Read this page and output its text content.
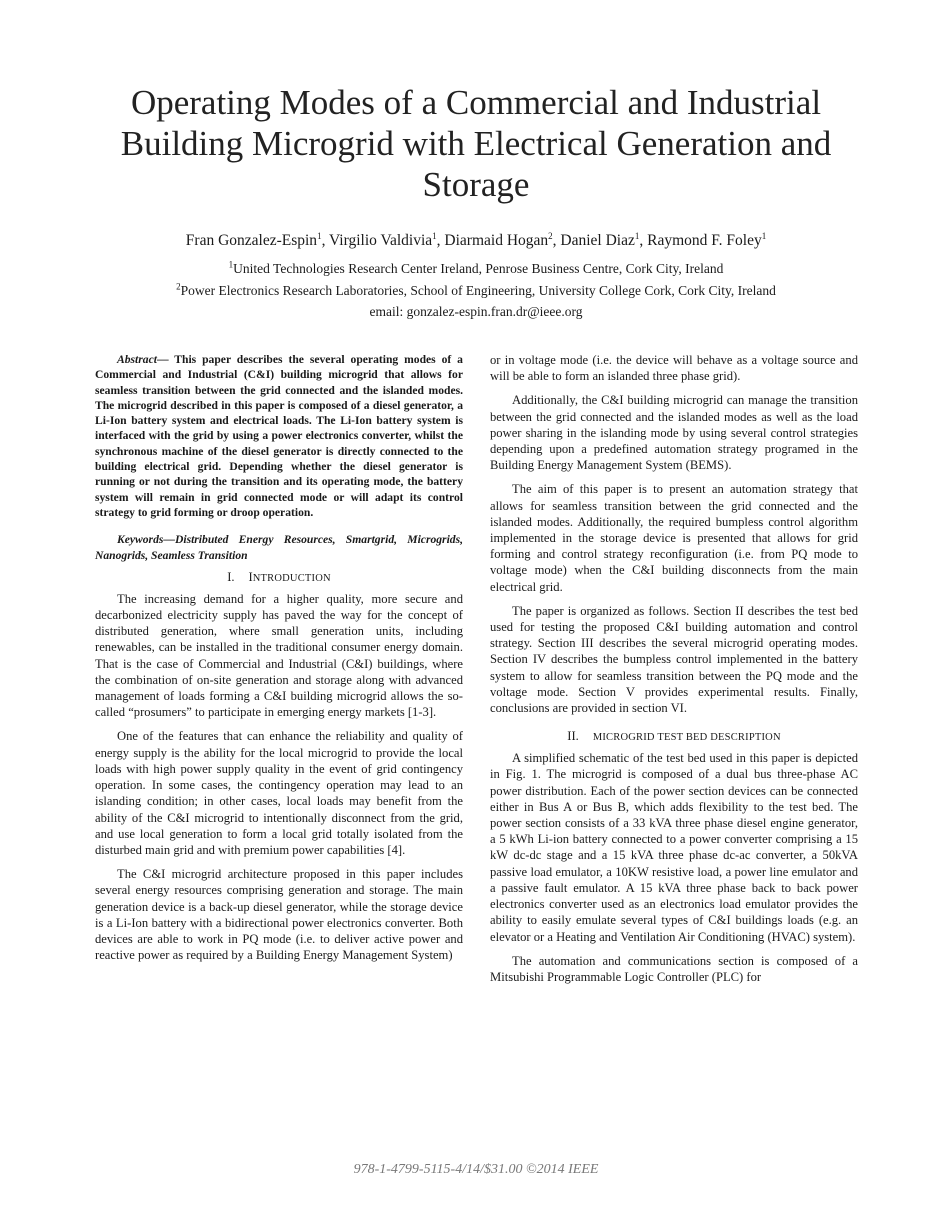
Operating Modes of a Commercial and Industrial Building Microgrid with Electrical Generation and Storage
Fran Gonzalez-Espin$^1$, Virgilio Valdivia$^1$, Diarmaid Hogan$^2$, Daniel Diaz$^1$, Raymond F. Foley$^1$
$^1$United Technologies Research Center Ireland, Penrose Business Centre, Cork City, Ireland
$^2$Power Electronics Research Laboratories, School of Engineering, University College Cork, Cork City, Ireland
email: gonzalez-espin.fran.dr@ieee.org

Abstract— This paper describes the several operating modes of a Commercial and Industrial (C&I) building microgrid that allows for seamless transition between the grid connected and the islanded modes. The microgrid described in this paper is composed of a diesel generator, a Li-Ion battery system and electrical loads. The Li-Ion battery system is interfaced with the grid by using a power electronics converter, whilst the synchronous machine of the diesel generator is directly connected to the building electrical grid. Depending whether the diesel generator is running or not during the transition and its operating mode, the battery system will remain in grid connected mode or will adapt its control strategy to grid forming or droop operation.

Keywords—Distributed Energy Resources, Smartgrid, Microgrids, Nanogrids, Seamless Transition

I. INTRODUCTION

The increasing demand for a higher quality, more secure and decarbonized electricity supply has paved the way for the concept of distributed generation, where small generation units, including renewables, can be installed in the traditional consumer energy domain. That is the case of Commercial and Industrial (C&I) buildings, where the combination of on-site generation and storage along with advanced management of loads forming a C&I building microgrid allows the so-called “prosumers” to participate in emerging energy markets [1-3].

One of the features that can enhance the reliability and quality of energy supply is the ability for the local microgrid to provide the local loads with high power supply quality in the event of grid contingency operation. In some cases, the contingency operation may lead to an islanding condition; in other cases, local loads may benefit from the ability of the C&I microgrid to intentionally disconnect from the grid, and use local generation to form a local grid totally isolated from the disturbed main grid and with premium power capabilities [4].

The C&I microgrid architecture proposed in this paper includes several energy resources comprising generation and storage. The main generation device is a back-up diesel generator, while the storage device is a Li-Ion battery with a bidirectional power electronics converter. Both devices are able to work in PQ mode (i.e. to deliver active power and reactive power as required by a Building Energy Management System)

or in voltage mode (i.e. the device will behave as a voltage source and will be able to form an islanded three phase grid).

Additionally, the C&I building microgrid can manage the transition between the grid connected and the islanded modes as well as the load power sharing in the islanding mode by using several control strategies depending upon a predefined automation strategy programed in the Building Energy Management System (BEMS).

The aim of this paper is to present an automation strategy that allows for seamless transition between the grid connected and the islanded modes. Additionally, the required bumpless control algorithm implemented in the storage device is presented that allows for grid forming and control strategy reconfiguration (i.e. from PQ mode to voltage mode) when the C&I building disconnects from the main electrical grid.

The paper is organized as follows. Section II describes the test bed used for testing the proposed C&I building automation and control strategy. Section III describes the several microgrid operating modes. Section IV describes the bumpless control implemented in the battery system to allow for seamless transition between the PQ mode and the voltage mode. Section V provides experimental results. Finally, conclusions are provided in section VI.

II. MICROGRID TEST BED DESCRIPTION

A simplified schematic of the test bed used in this paper is depicted in Fig. 1. The microgrid is composed of a dual bus three-phase AC power distribution. Each of the power section devices can be connected either in Bus A or Bus B, which adds flexibility to the test bed. The power section consists of a 33 kVA three phase diesel engine generator, a 5 kWh Li-ion battery connected to a power converter comprising a 15 kW dc-dc stage and a 15 kVA three phase dc-ac converter, a 50kVA passive load emulator, a 10KW resistive load, a power line emulator and a passive fault emulator. A 15 kVA three phase back to back power electronics converter used as an electronics load emulator provides the ability to easily emulate several types of C&I buildings loads (e.g. an elevator or a Heating and Ventilation Air Conditioning (HVAC) system).

The automation and communications section is composed of a Mitsubishi Programmable Logic Controller (PLC) for

978-1-4799-5115-4/14/$31.00 ©2014 IEEE
